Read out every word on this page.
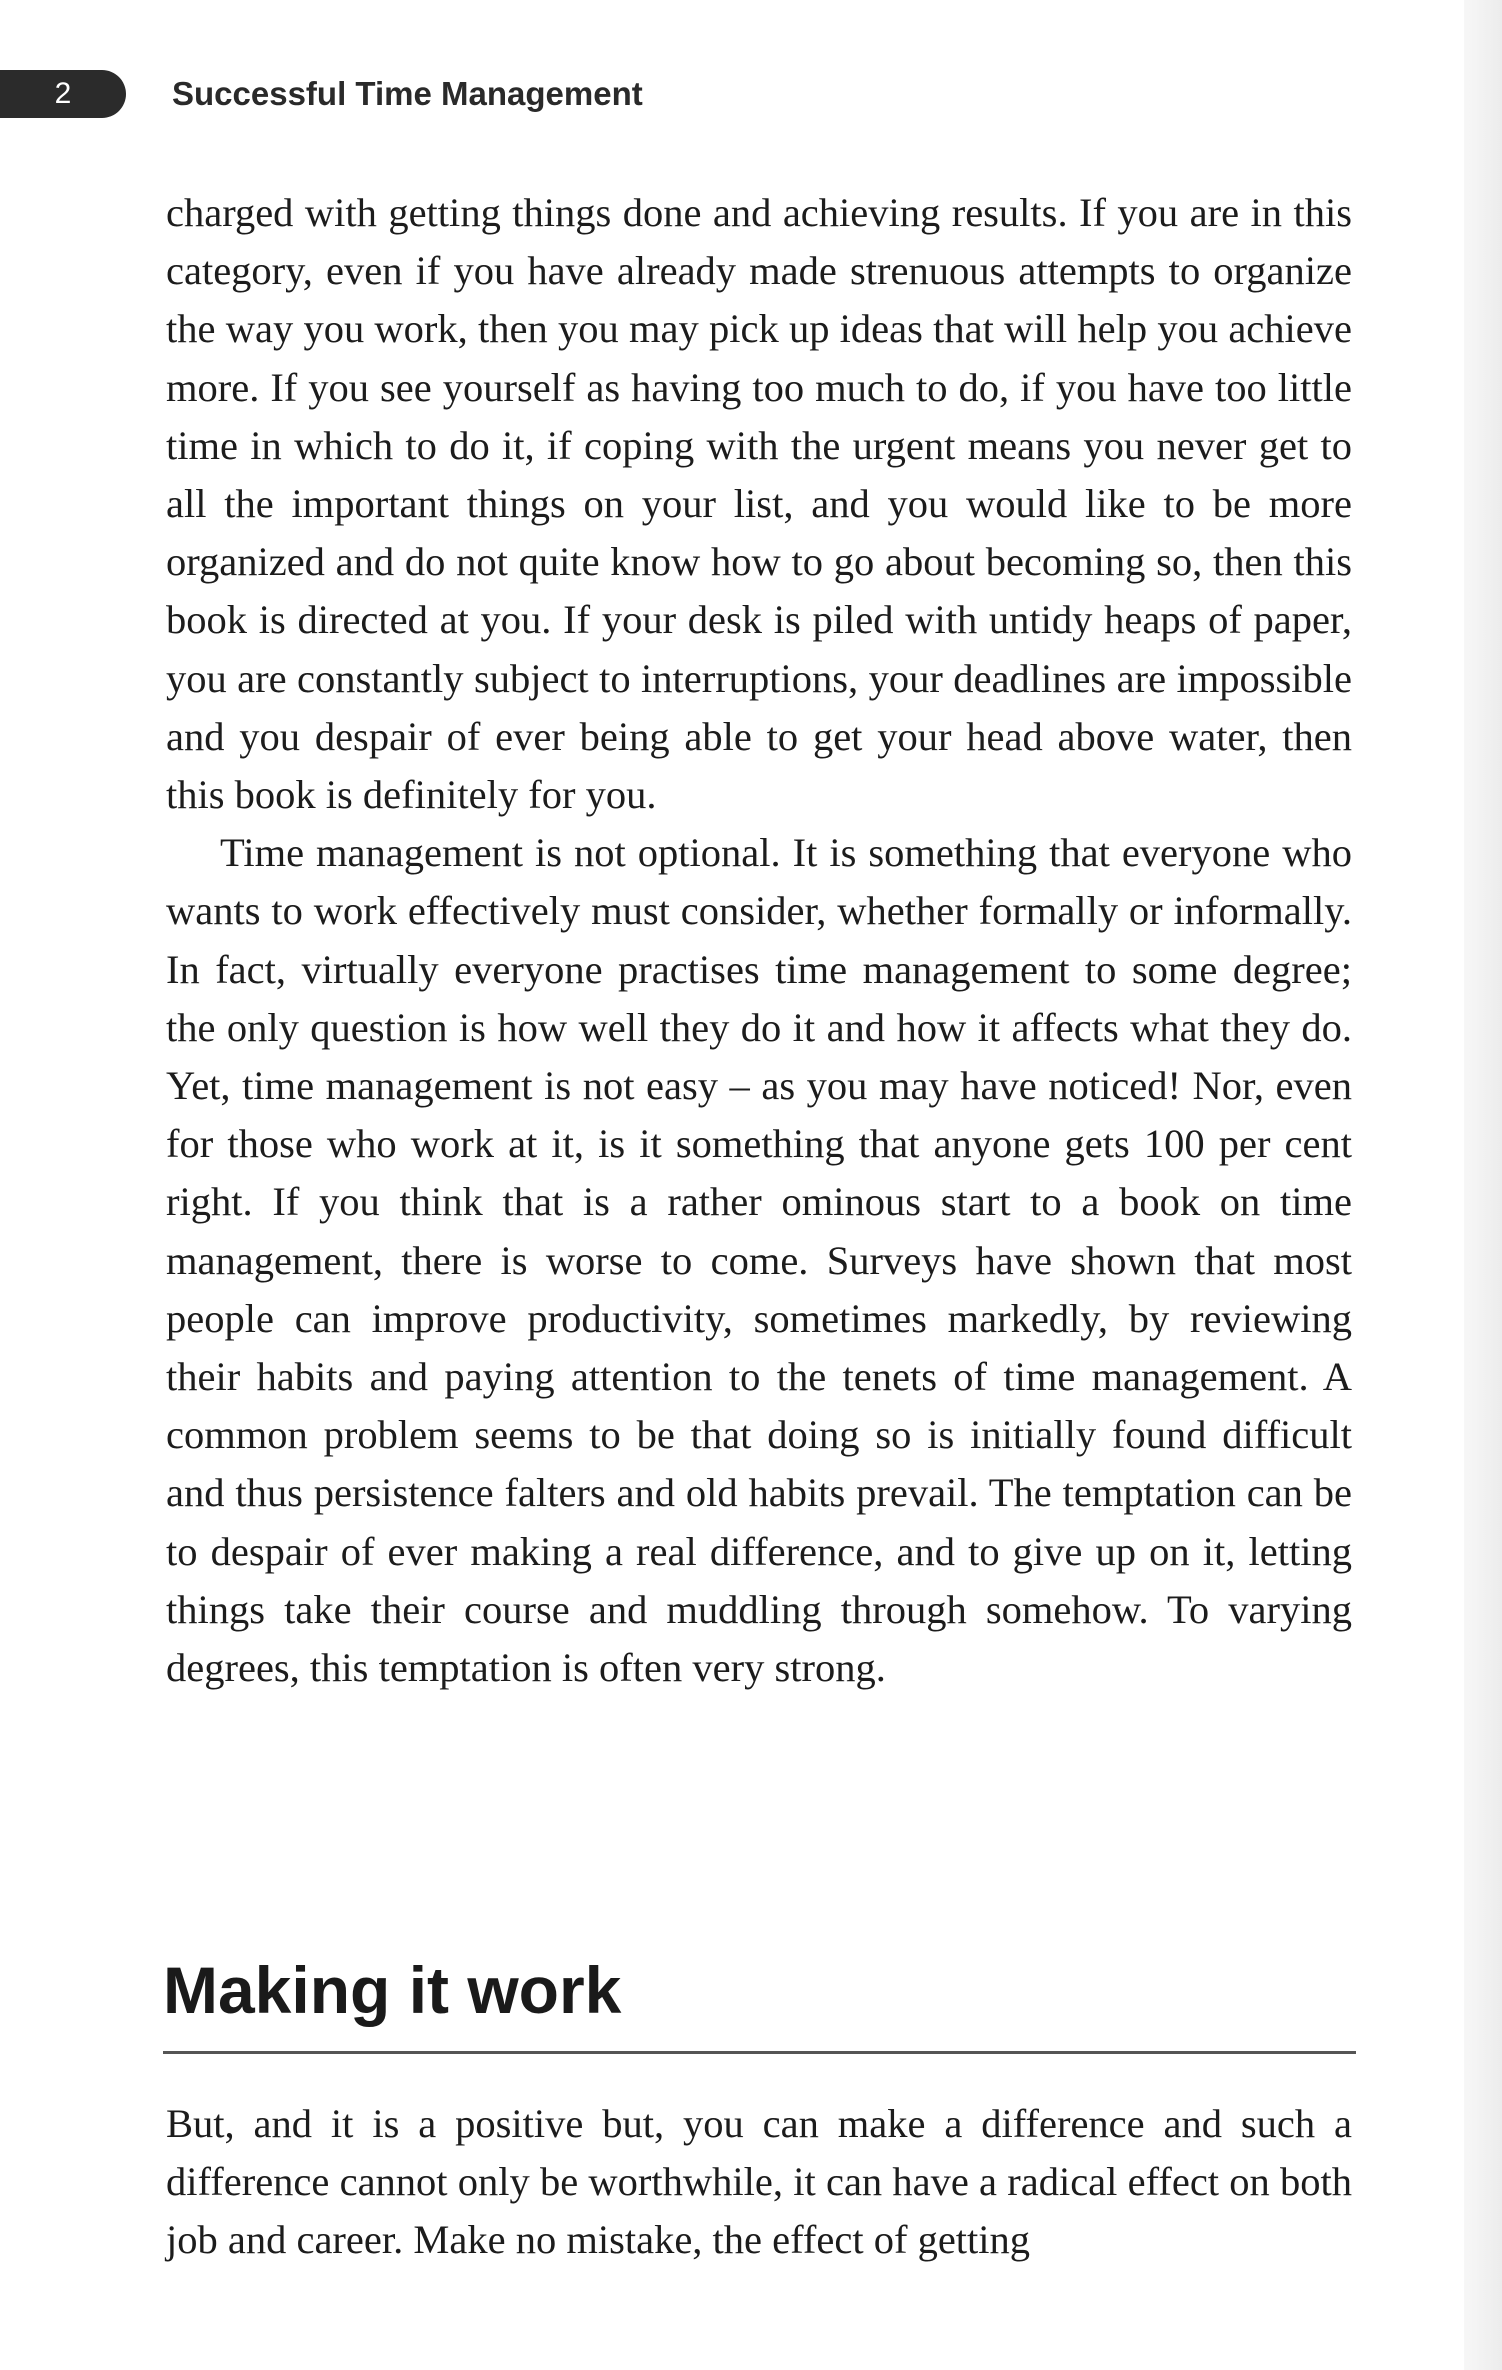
2	Successful Time Management

charged with getting things done and achieving results. If you are in this category, even if you have already made strenuous attempts to organize the way you work, then you may pick up ideas that will help you achieve more. If you see yourself as having too much to do, if you have too little time in which to do it, if coping with the urgent means you never get to all the important things on your list, and you would like to be more organized and do not quite know how to go about becoming so, then this book is directed at you. If your desk is piled with untidy heaps of paper, you are constantly subject to interruptions, your deadlines are impossible and you despair of ever being able to get your head above water, then this book is definitely for you.

Time management is not optional. It is something that everyone who wants to work effectively must consider, whether formally or informally. In fact, virtually everyone practises time management to some degree; the only question is how well they do it and how it affects what they do. Yet, time management is not easy – as you may have noticed! Nor, even for those who work at it, is it something that anyone gets 100 per cent right. If you think that is a rather ominous start to a book on time management, there is worse to come. Surveys have shown that most people can improve productivity, sometimes markedly, by reviewing their habits and paying attention to the tenets of time management. A common problem seems to be that doing so is initially found difficult and thus persistence falters and old habits prevail. The temptation can be to despair of ever making a real difference, and to give up on it, letting things take their course and muddling through somehow. To varying degrees, this temptation is often very strong.

Making it work

But, and it is a positive but, you can make a difference and such a difference cannot only be worthwhile, it can have a radical effect on both job and career. Make no mistake, the effect of getting
